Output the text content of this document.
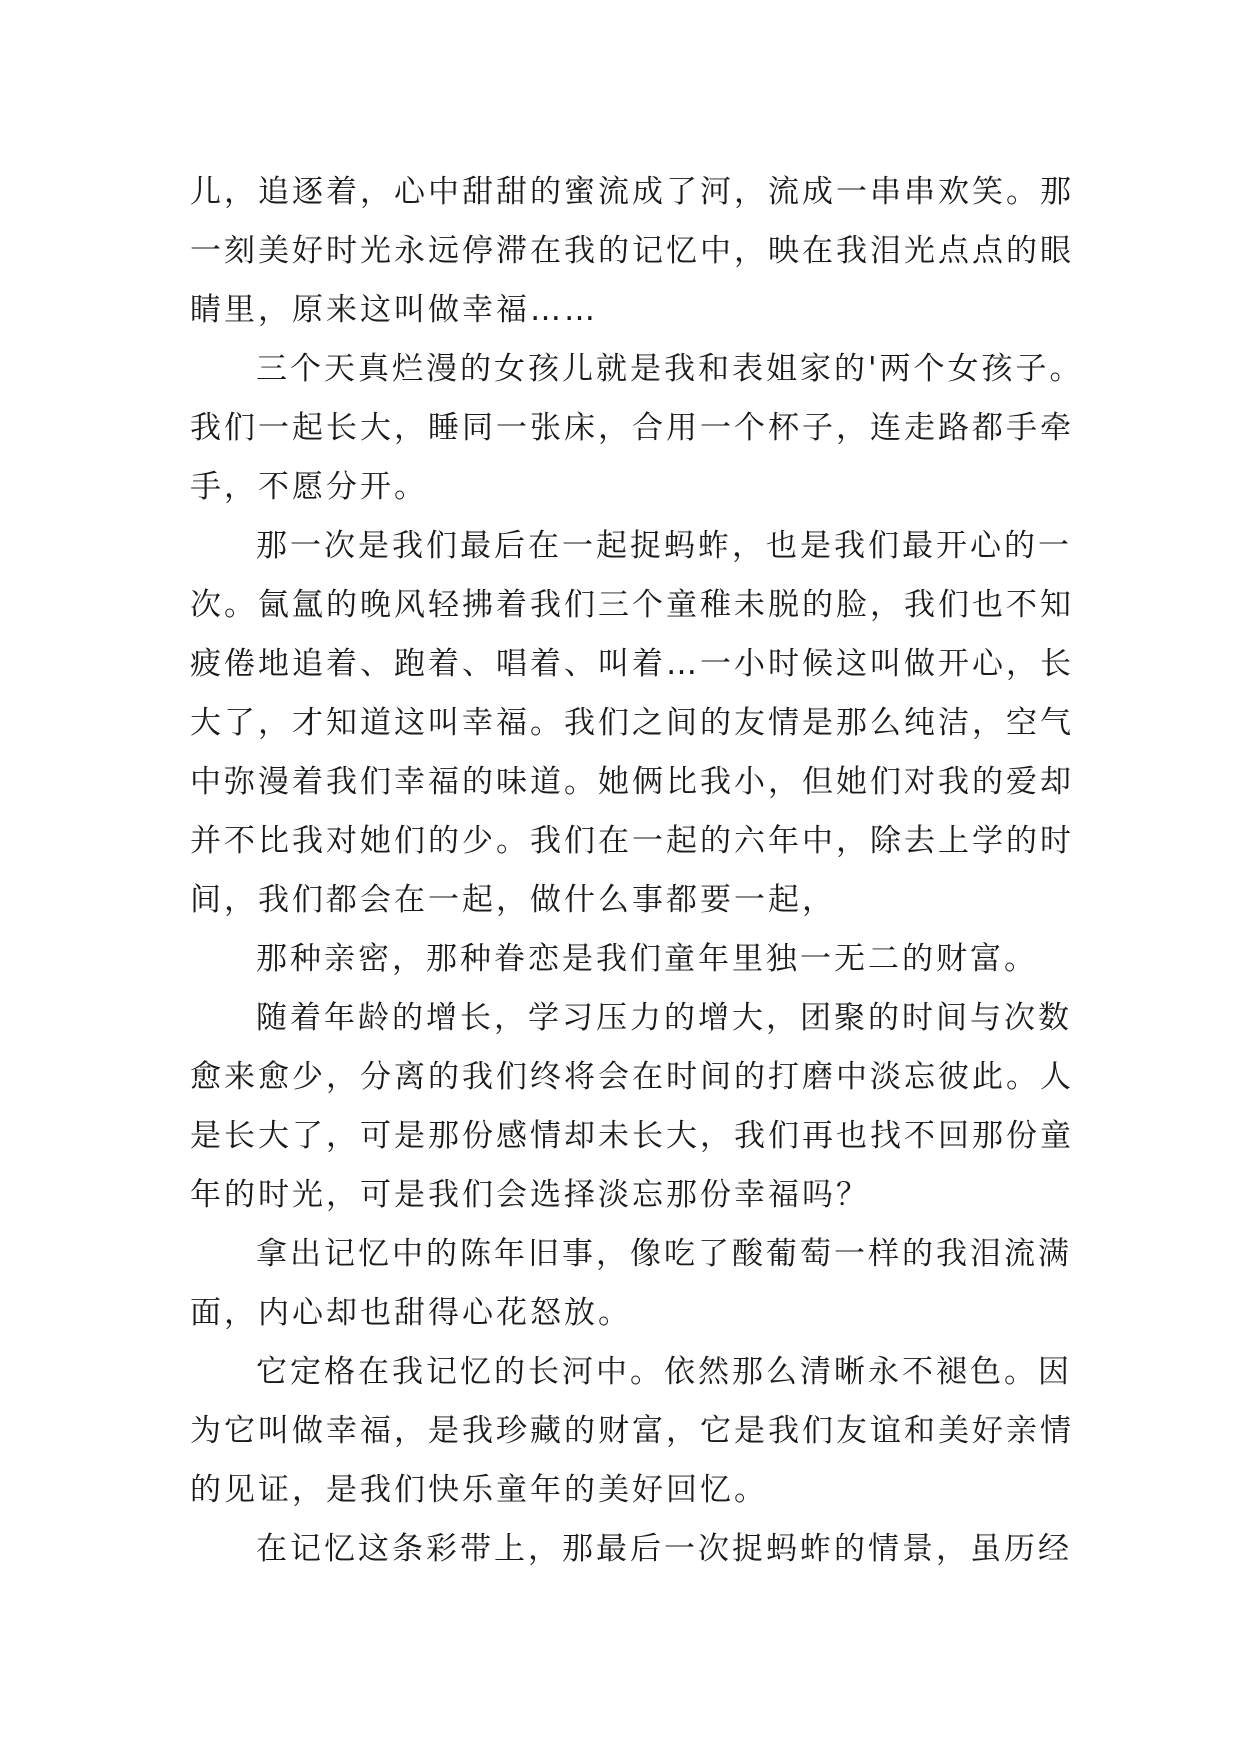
儿，追逐着，心中甜甜的蜜流成了河，流成一串串欢笑。那
一刻美好时光永远停滞在我的记忆中，映在我泪光点点的眼
睛里，原来这叫做幸福……
三个天真烂漫的女孩儿就是我和表姐家的'两个女孩子。
我们一起长大，睡同一张床，合用一个杯子，连走路都手牵
手，不愿分开。
那一次是我们最后在一起捉蚂蚱，也是我们最开心的一
次。氤氲的晚风轻拂着我们三个童稚未脱的脸，我们也不知
疲倦地追着、跑着、唱着、叫着…一小时候这叫做开心，长
大了，才知道这叫幸福。我们之间的友情是那么纯洁，空气
中弥漫着我们幸福的味道。她俩比我小，但她们对我的爱却
并不比我对她们的少。我们在一起的六年中，除去上学的时
间，我们都会在一起，做什么事都要一起，
那种亲密，那种眷恋是我们童年里独一无二的财富。
随着年龄的增长，学习压力的增大，团聚的时间与次数
愈来愈少，分离的我们终将会在时间的打磨中淡忘彼此。人
是长大了，可是那份感情却未长大，我们再也找不回那份童
年的时光，可是我们会选择淡忘那份幸福吗？
拿出记忆中的陈年旧事，像吃了酸葡萄一样的我泪流满
面，内心却也甜得心花怒放。
它定格在我记忆的长河中。依然那么清晰永不褪色。因
为它叫做幸福，是我珍藏的财富，它是我们友谊和美好亲情
的见证，是我们快乐童年的美好回忆。
在记忆这条彩带上，那最后一次捉蚂蚱的情景，虽历经
